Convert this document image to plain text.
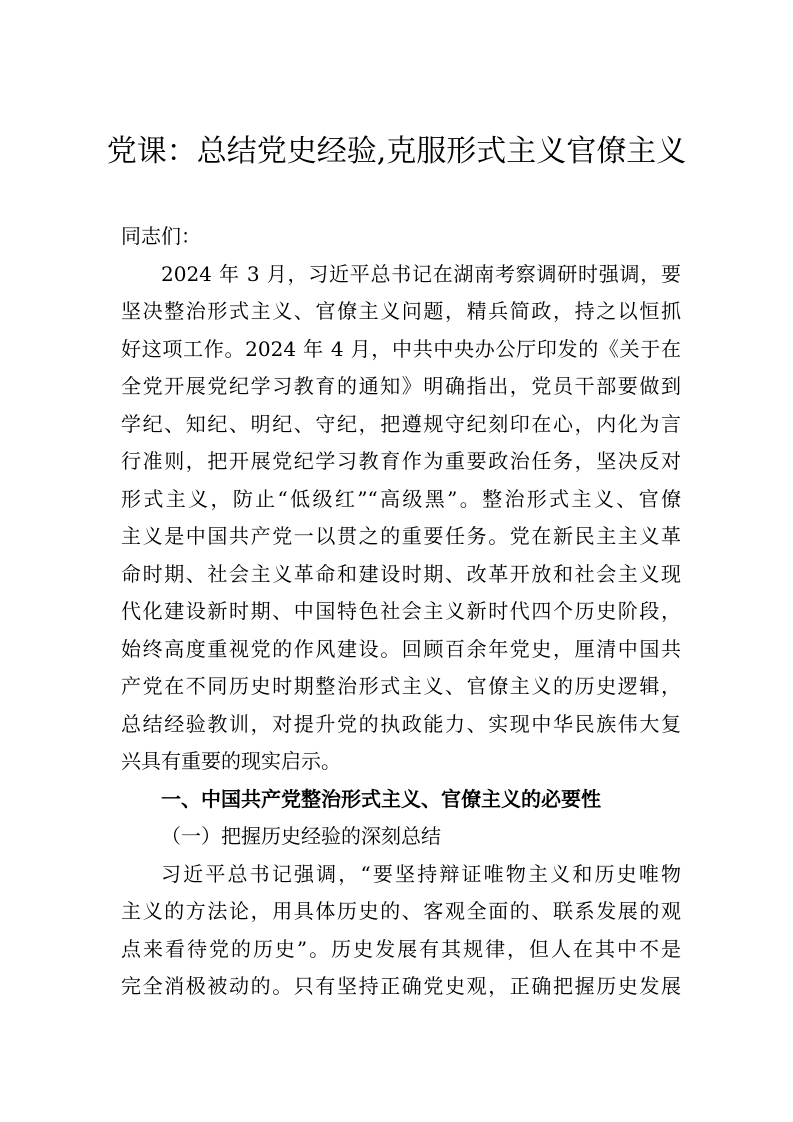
党课：总结党史经验,克服形式主义官僚主义
同志们：
2024 年 3 月，习近平总书记在湖南考察调研时强调，要
坚决整治形式主义、官僚主义问题，精兵简政，持之以恒抓
好这项工作。2024 年 4 月，中共中央办公厅印发的《关于在
全党开展党纪学习教育的通知》明确指出，党员干部要做到
学纪、知纪、明纪、守纪，把遵规守纪刻印在心，内化为言
行准则，把开展党纪学习教育作为重要政治任务，坚决反对
形式主义，防止“低级红”“高级黑”。整治形式主义、官僚
主义是中国共产党一以贯之的重要任务。党在新民主主义革
命时期、社会主义革命和建设时期、改革开放和社会主义现
代化建设新时期、中国特色社会主义新时代四个历史阶段，
始终高度重视党的作风建设。回顾百余年党史，厘清中国共
产党在不同历史时期整治形式主义、官僚主义的历史逻辑，
总结经验教训，对提升党的执政能力、实现中华民族伟大复
兴具有重要的现实启示。
一、中国共产党整治形式主义、官僚主义的必要性
（一）把握历史经验的深刻总结
习近平总书记强调，“要坚持辩证唯物主义和历史唯物
主义的方法论，用具体历史的、客观全面的、联系发展的观
点来看待党的历史”。历史发展有其规律，但人在其中不是
完全消极被动的。只有坚持正确党史观，正确把握历史发展
